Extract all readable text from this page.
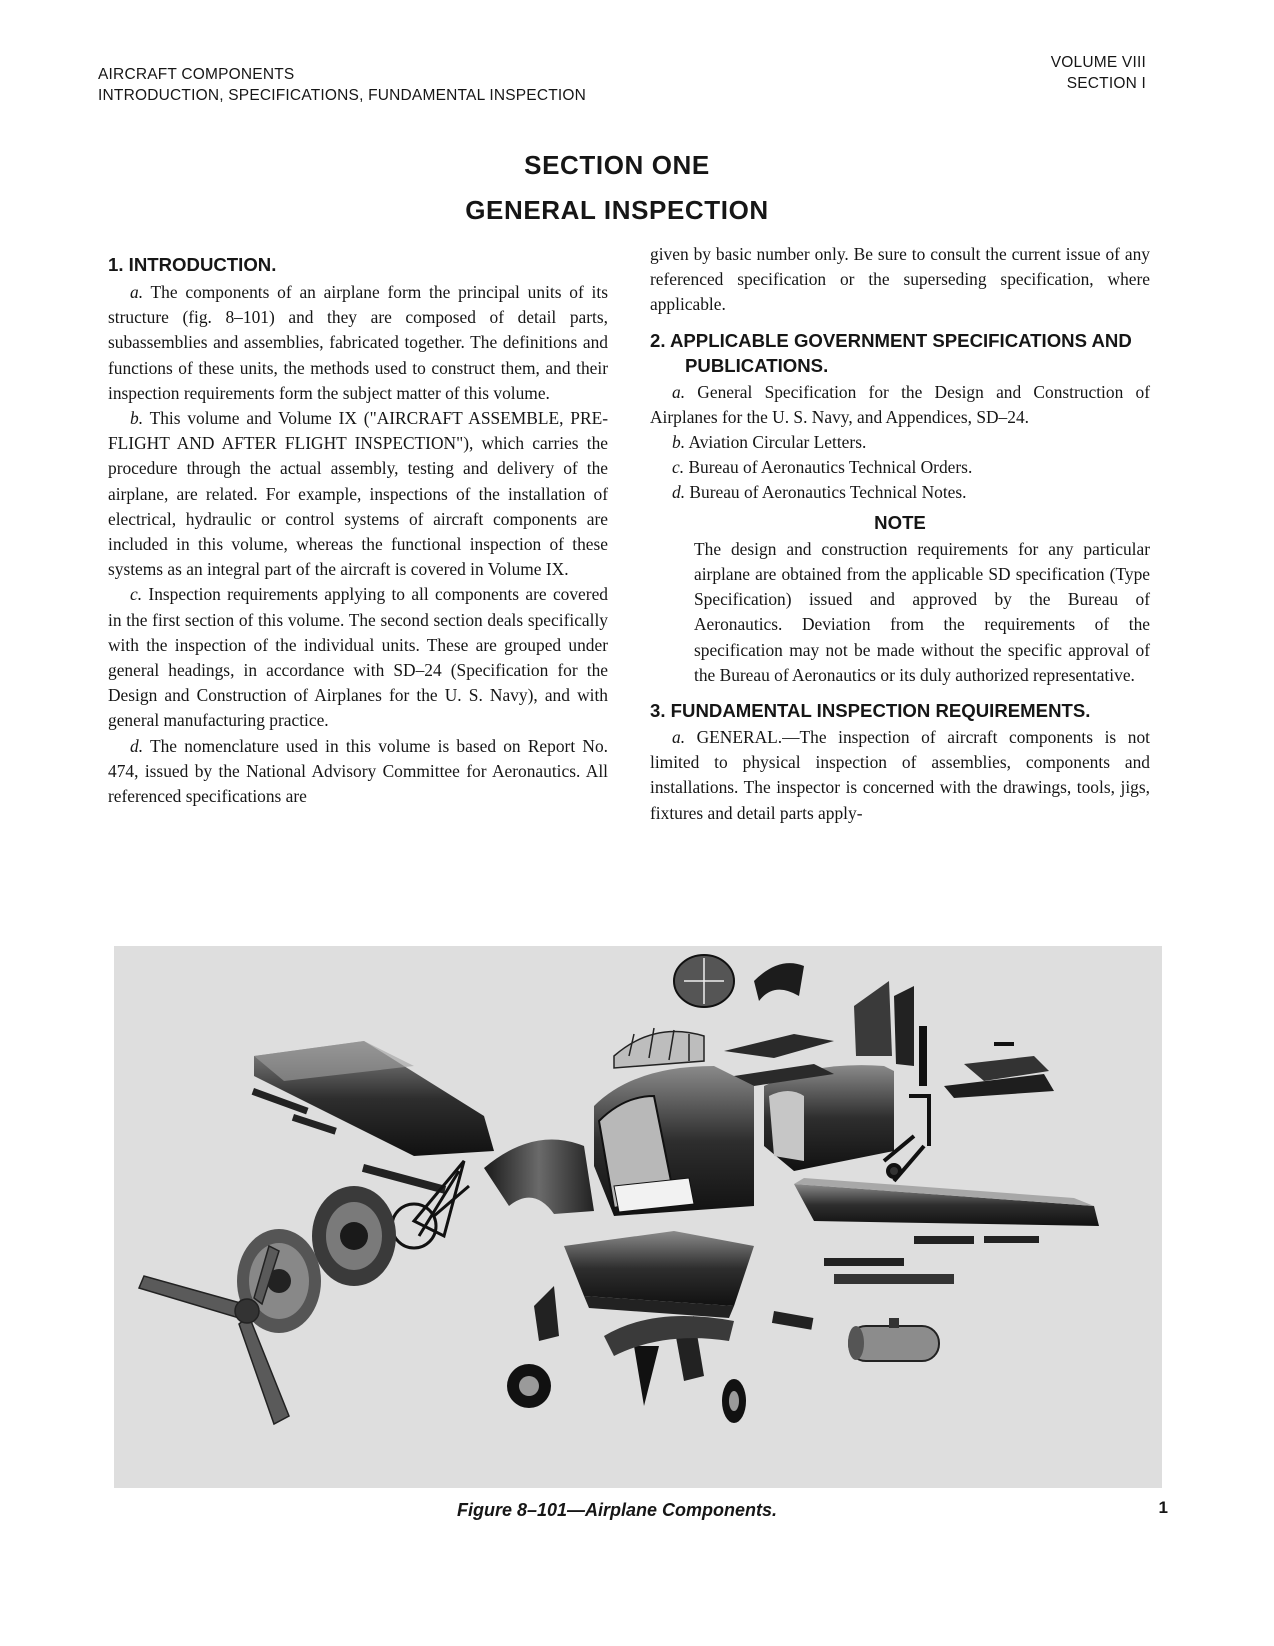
AIRCRAFT COMPONENTS
INTRODUCTION, SPECIFICATIONS, FUNDAMENTAL INSPECTION
VOLUME VIII
SECTION I
SECTION ONE
GENERAL INSPECTION
1. INTRODUCTION.

a. The components of an airplane form the principal units of its structure (fig. 8–101) and they are composed of detail parts, subassemblies and assemblies, fabricated together. The definitions and functions of these units, the methods used to construct them, and their inspection requirements form the subject matter of this volume.

b. This volume and Volume IX ("AIRCRAFT ASSEMBLE, PRE-FLIGHT AND AFTER FLIGHT INSPECTION"), which carries the procedure through the actual assembly, testing and delivery of the airplane, are related. For example, inspections of the installation of electrical, hydraulic or control systems of aircraft components are included in this volume, whereas the functional inspection of these systems as an integral part of the aircraft is covered in Volume IX.

c. Inspection requirements applying to all components are covered in the first section of this volume. The second section deals specifically with the inspection of the individual units. These are grouped under general headings, in accordance with SD–24 (Specification for the Design and Construction of Airplanes for the U. S. Navy), and with general manufacturing practice.

d. The nomenclature used in this volume is based on Report No. 474, issued by the National Advisory Committee for Aeronautics. All referenced specifications are

given by basic number only. Be sure to consult the current issue of any referenced specification or the superseding specification, where applicable.

2. APPLICABLE GOVERNMENT SPECIFICATIONS AND PUBLICATIONS.

a. General Specification for the Design and Construction of Airplanes for the U. S. Navy, and Appendices, SD–24.

b. Aviation Circular Letters.

c. Bureau of Aeronautics Technical Orders.

d. Bureau of Aeronautics Technical Notes.

NOTE

The design and construction requirements for any particular airplane are obtained from the applicable SD specification (Type Specification) issued and approved by the Bureau of Aeronautics. Deviation from the requirements of the specification may not be made without the specific approval of the Bureau of Aeronautics or its duly authorized representative.

3. FUNDAMENTAL INSPECTION REQUIREMENTS.

a. GENERAL.—The inspection of aircraft components is not limited to physical inspection of assemblies, components and installations. The inspector is concerned with the drawings, tools, jigs, fixtures and detail parts apply-

Figure 8–101—Airplane Components.	1
